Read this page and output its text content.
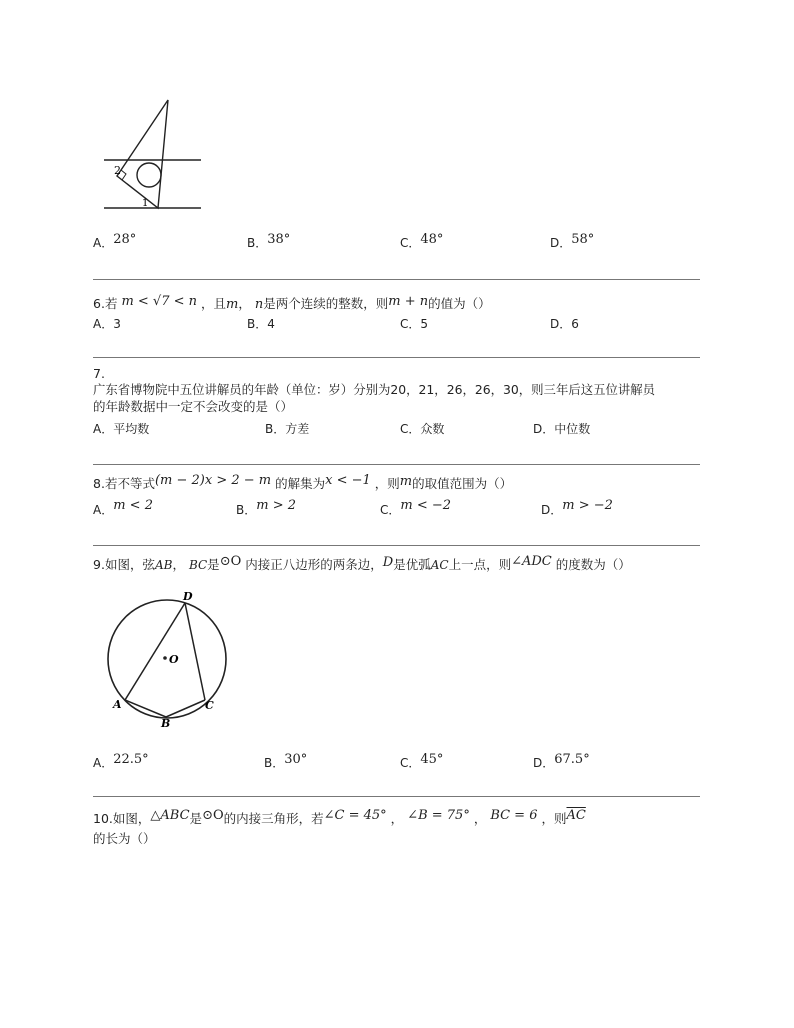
2
1
A．28°	B．38°	C．48°	D．58°
6.若 m < √7 < n ，且m， n是两个连续的整数，则m + n的值为（）
A．3	B．4	C．5	D．6
7.
广东省博物院中五位讲解员的年龄（单位：岁）分别为20，21，26，26，30，则三年后这五位讲解员
的年龄数据中一定不会改变的是（）
A．平均数	B．方差	C．众数	D．中位数
8.若不等式(m − 2)x > 2 − m 的解集为x < −1 ，则m的取值范围为（）
A．m < 2	B．m > 2	C．m < −2	D．m > −2
9.如图，弦AB， BC是⊙O 内接正八边形的两条边，D是优弧AC上一点，则∠ADC 的度数为（）
O
D
A
B
C
A．22.5°	B．30°	C．45°	D．67.5°
10.如图，△ABC是⊙O的内接三角形，若∠C = 45° ， ∠B = 75° ， BC = 6 ，则$\overline{AC}$
的长为（）
